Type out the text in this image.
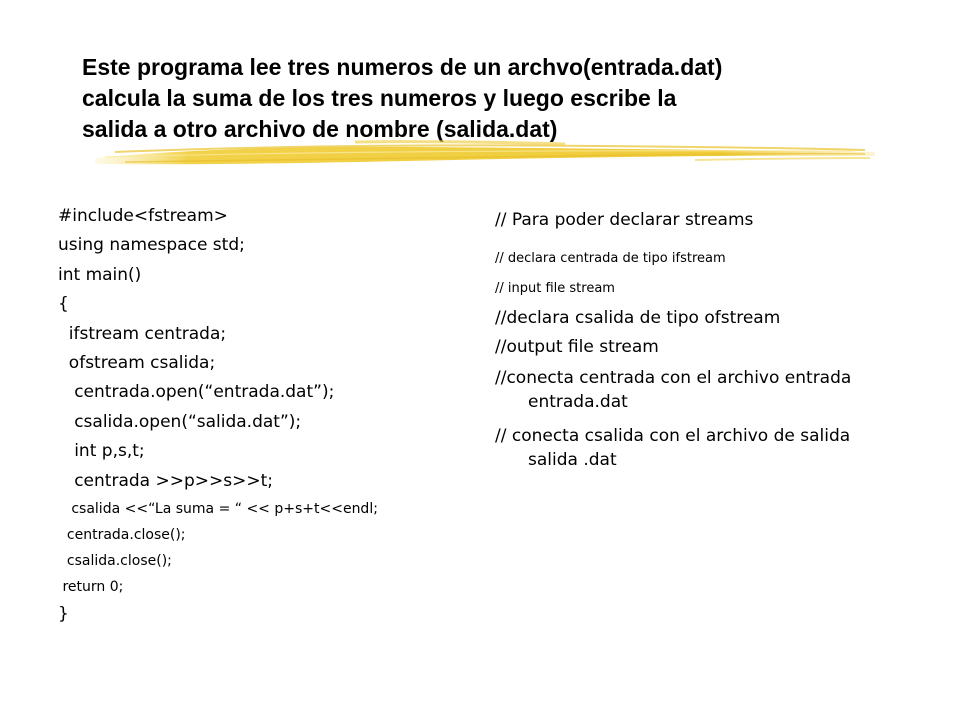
Este programa lee tres numeros de un archvo(entrada.dat)
calcula la suma de los tres numeros y luego escribe la
salida a otro archivo de nombre (salida.dat)
#include<fstream>
using namespace std;
int main()
{
ifstream centrada;
ofstream csalida;
centrada.open(“entrada.dat”);
csalida.open(“salida.dat”);
int p,s,t;
centrada >>p>>s>>t;
csalida <<“La suma = “ << p+s+t<<endl;
centrada.close();
csalida.close();
return 0;
}
// Para poder declarar streams
// declara centrada de tipo ifstream
// input file stream
//declara csalida de tipo ofstream
//output file stream
//conecta centrada con el archivo entrada
entrada.dat
// conecta csalida con el archivo de salida
salida .dat
